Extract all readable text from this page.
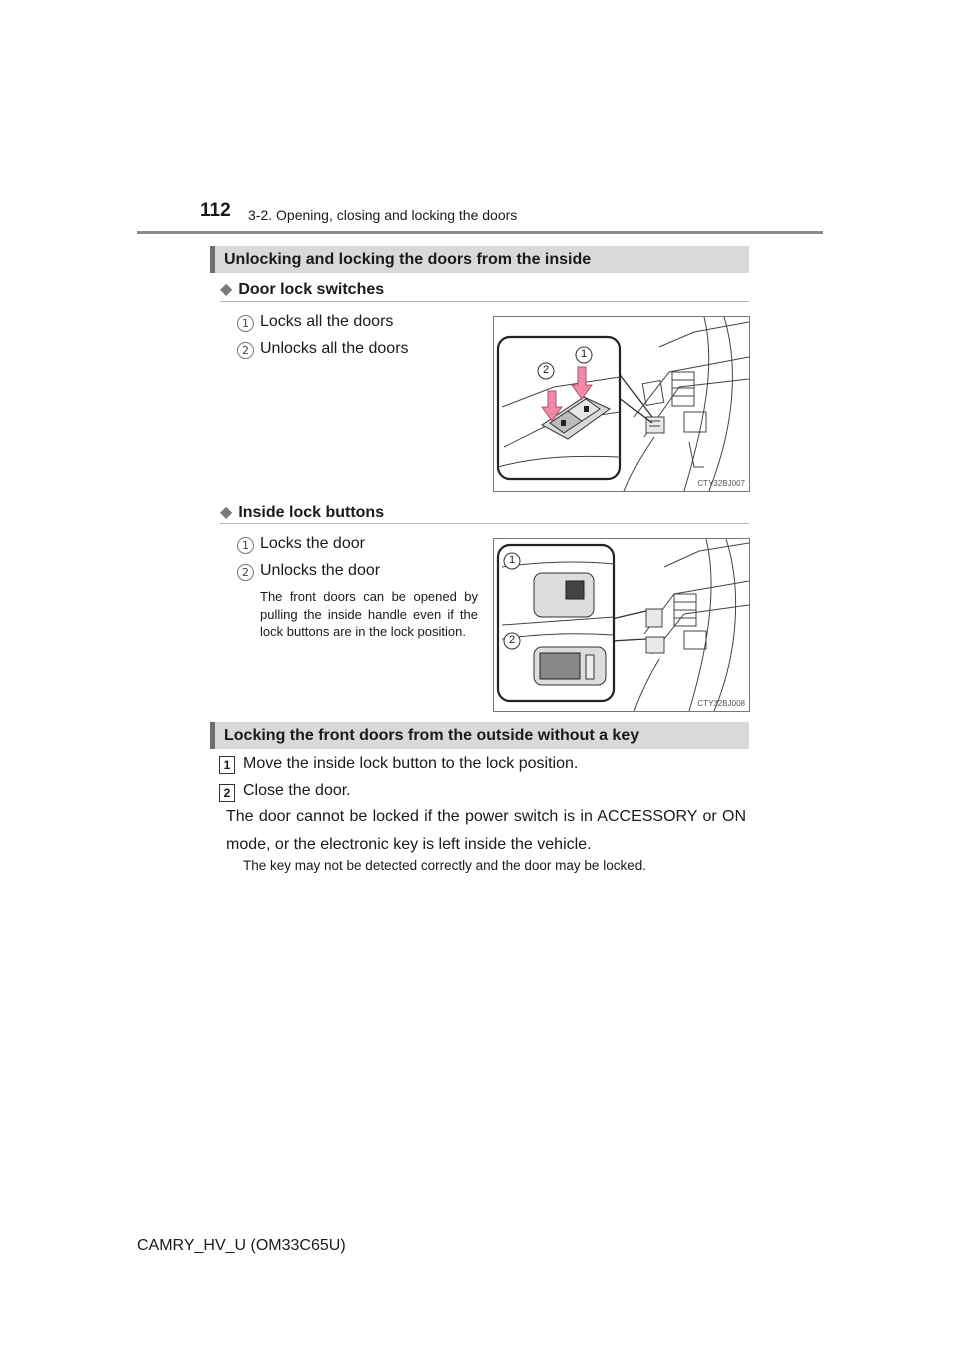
112 3-2. Opening, closing and locking the doors
Unlocking and locking the doors from the inside
◆ Door lock switches
1 Locks all the doors
2 Unlocks all the doors	1
2
CTY32BJ007
◆ Inside lock buttons
1 Locks the door
2 Unlocks the door
The front doors can be opened by pulling the inside handle even if the lock buttons are in the lock position.
1
2
CTY32BJ008
Locking the front doors from the outside without a key
1 Move the inside lock button to the lock position.
2 Close the door.
The door cannot be locked if the power switch is in ACCESSORY or ON mode, or the electronic key is left inside the vehicle.
The key may not be detected correctly and the door may be locked.
CAMRY_HV_U (OM33C65U)
